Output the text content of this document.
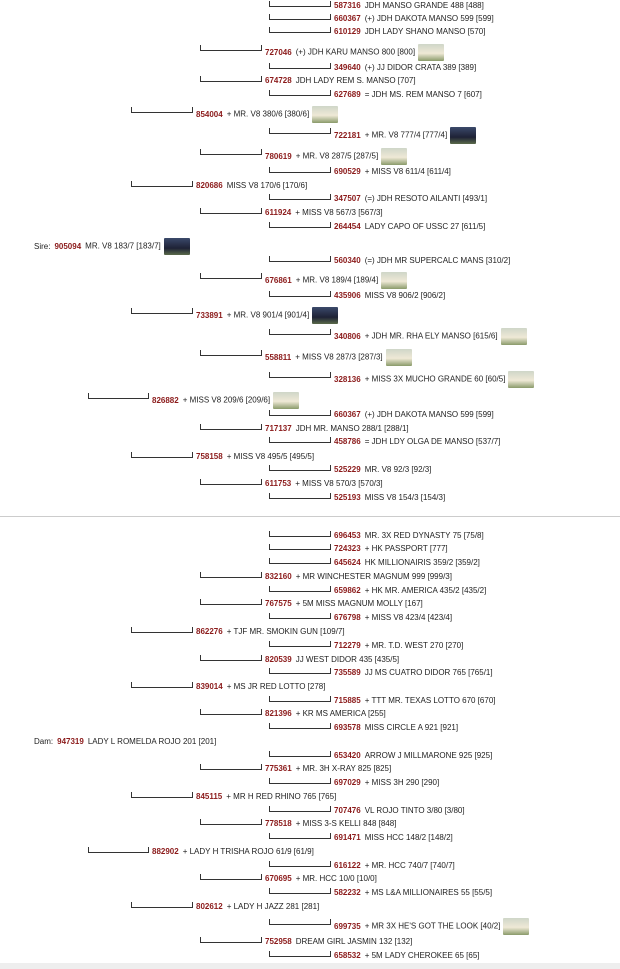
587316 JDH MANSO GRANDE 488 [488]
660367 (+) JDH DAKOTA MANSO 599 [599]
610129 JDH LADY SHANO MANSO [570]
727046 (+) JDH KARU MANSO 800 [800]
349640 (+) JJ DIDOR CRATA 389 [389]
674728 JDH LADY REM S. MANSO [707]
627689 = JDH MS. REM MANSO 7 [607]
854004 + MR. V8 380/6 [380/6]
722181 + MR. V8 777/4 [777/4]
780619 + MR. V8 287/5 [287/5]
690529 + MISS V8 611/4 [611/4]
820686 MISS V8 170/6 [170/6]
347507 (=) JDH RESOTO AILANTI [493/1]
611924 + MISS V8 567/3 [567/3]
264454 LADY CAPO OF USSC 27 [611/5]
Sire: 905094 MR. V8 183/7 [183/7]
560340 (=) JDH MR SUPERCALC MANS [310/2]
676861 + MR. V8 189/4 [189/4]
435906 MISS V8 906/2 [906/2]
733891 + MR. V8 901/4 [901/4]
340806 + JDH MR. RHA ELY MANSO [615/6]
558811 + MISS V8 287/3 [287/3]
328136 + MISS 3X MUCHO GRANDE 60 [60/5]
826882 + MISS V8 209/6 [209/6]
660367 (+) JDH DAKOTA MANSO 599 [599]
717137 JDH MR. MANSO 288/1 [288/1]
458786 = JDH LDY OLGA DE MANSO [537/7]
758158 + MISS V8 495/5 [495/5]
525229 MR. V8 92/3 [92/3]
611753 + MISS V8 570/3 [570/3]
525193 MISS V8 154/3 [154/3]
696453 MR. 3X RED DYNASTY 75 [75/8]
724323 + HK PASSPORT [777]
645624 HK MILLIONAIRIS 359/2 [359/2]
832160 + MR WINCHESTER MAGNUM 999 [999/3]
659862 + HK MR. AMERICA 435/2 [435/2]
767575 + 5M MISS MAGNUM MOLLY [167]
676798 + MISS V8 423/4 [423/4]
862276 + TJF MR. SMOKIN GUN [109/7]
712279 + MR. T.D. WEST 270 [270]
820539 JJ WEST DIDOR 435 [435/5]
735589 JJ MS CUATRO DIDOR 765 [765/1]
839014 + MS JR RED LOTTO [278]
715885 + TTT MR. TEXAS LOTTO 670 [670]
821396 + KR MS AMERICA [255]
693578 MISS CIRCLE A 921 [921]
Dam: 947319 LADY L ROMELDA ROJO 201 [201]
653420 ARROW J MILLMARONE 925 [925]
775361 + MR. 3H X-RAY 825 [825]
697029 + MISS 3H 290 [290]
845115 + MR H RED RHINO 765 [765]
707476 VL ROJO TINTO 3/80 [3/80]
778518 + MISS 3-S KELLI 848 [848]
691471 MISS HCC 148/2 [148/2]
882902 + LADY H TRISHA ROJO 61/9 [61/9]
616122 + MR. HCC 740/7 [740/7]
670695 + MR. HCC 10/0 [10/0]
582232 + MS L&A MILLIONAIRES 55 [55/5]
802612 + LADY H JAZZ 281 [281]
699735 + MR 3X HE'S GOT THE LOOK [40/2]
752958 DREAM GIRL JASMIN 132 [132]
658532 + 5M LADY CHEROKEE 65 [65]
